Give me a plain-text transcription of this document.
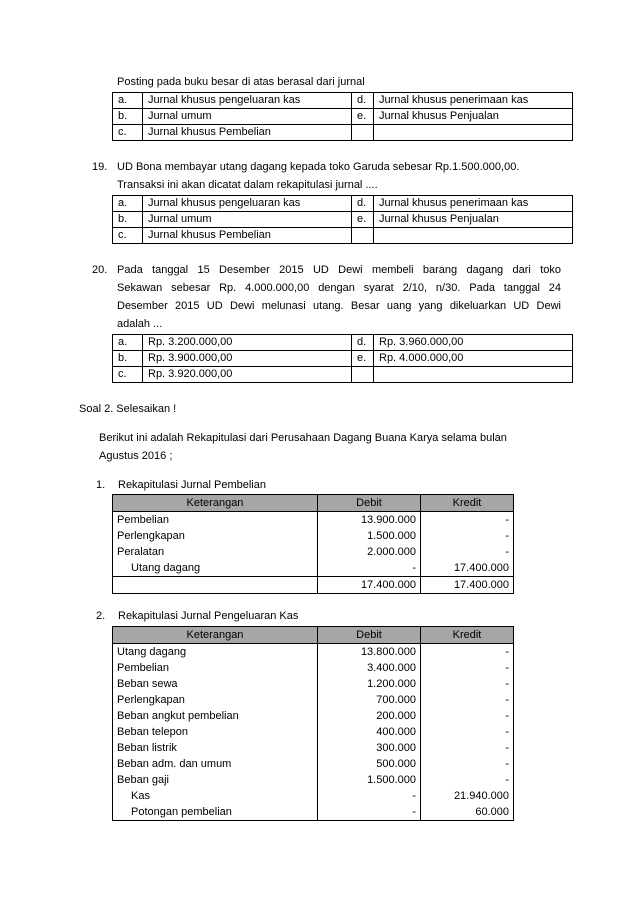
Posting pada buku besar di atas berasal dari jurnal
a.	Jurnal khusus pengeluaran kas	d.	Jurnal khusus penerimaan kas
b.	Jurnal umum	e.	Jurnal khusus Penjualan
c.	Jurnal khusus Pembelian		
19. UD Bona membayar utang dagang kepada toko Garuda sebesar Rp.1.500.000,00.
Transaksi ini akan dicatat dalam rekapitulasi jurnal ....
a.	Jurnal khusus pengeluaran kas	d.	Jurnal khusus penerimaan kas
b.	Jurnal umum	e.	Jurnal khusus Penjualan
c.	Jurnal khusus Pembelian		
20. Pada tanggal 15 Desember 2015 UD Dewi membeli barang dagang dari toko
Sekawan sebesar Rp. 4.000.000,00 dengan syarat 2/10, n/30. Pada tanggal 24
Desember 2015 UD Dewi melunasi utang. Besar uang yang dikeluarkan UD Dewi
adalah ...
a.	Rp. 3.200.000,00	d.	Rp. 3.960.000,00
b.	Rp. 3.900.000,00	e.	Rp. 4.000.000,00
c.	Rp. 3.920.000,00		
Soal 2. Selesaikan !
Berikut ini adalah Rekapitulasi dari Perusahaan Dagang Buana Karya selama bulan
Agustus 2016 ;
1. Rekapitulasi Jurnal Pembelian
Keterangan	Debit	Kredit
Pembelian	13.900.000	-
Perlengkapan	1.500.000	-
Peralatan	2.000.000	-
Utang dagang	-	17.400.000
	17.400.000	17.400.000
2. Rekapitulasi Jurnal Pengeluaran Kas
Keterangan	Debit	Kredit
Utang dagang	13.800.000	-
Pembelian	3.400.000	-
Beban sewa	1.200.000	-
Perlengkapan	700.000	-
Beban angkut pembelian	200.000	-
Beban telepon	400.000	-
Beban listrik	300.000	-
Beban adm. dan umum	500.000	-
Beban gaji	1.500.000	-
Kas	-	21.940.000
Potongan pembelian	-	60.000
